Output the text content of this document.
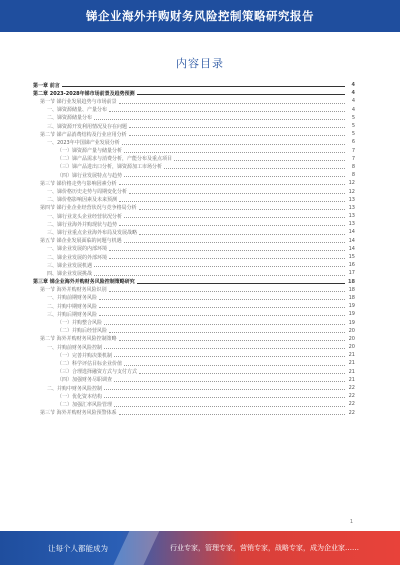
锑企业海外并购财务风险控制策略研究报告
内容目录
第一章 前言	4
第二章 2023-2028年锑市场前景及趋势预测	4
第一节 锑行业发展趋势与市场前景	4
一、锑资源储量、产量分布	4
二、锑资源储量分布	5
三、锑资源开发利用情况及存在问题	5
第二节 锑产品消费结构及行业应用分析	5
一、2023年中国锑产业发展分析	6
（一）锑资源产量与储量分析	7
（二）锑产品需求与消费分析，产能分布及重点项目	7
（三）锑产品进出口分析，锑资源加工市场分析	8
（四）锑行业发展特点与趋势	8
第三节 锑价格走势与影响因素分析	12
一、锑价格历史走势与周期变化分析	12
二、锑价格影响因素及未来预测	13
第四节 锑行业企业经营状况与竞争格局分析	13
一、锑行业龙头企业经营状况分析	13
二、锑行业海外并购现状与趋势	13
三、锑行业重点企业海外布局及发展战略	14
第五节 锑企业发展面临的问题与机遇	14
一、锑企业发展的内部环境	14
二、锑企业发展的外部环境	15
三、锑企业发展机遇	16
四、锑企业发展挑战	17
第三章 锑企业海外并购财务风险控制策略研究	18
第一节 海外并购财务风险识别	18
一、并购前期财务风险	18
二、并购中期财务风险	19
三、并购后期财务风险	19
（一）并购整合风险	19
（二）并购后经营风险	20
第二节 海外并购财务风险控制策略	20
一、并购前财务风险控制	20
（一）完善并购决策机制	21
（二）科学评估目标企业价值	21
（三）合理选择融资方式与支付方式	21
（四）加强财务尽职调查	21
二、并购中财务风险控制	22
（一）优化资本结构	22
（二）加强汇率风险管理	22
第三节 海外并购财务风险预警体系	22
1
让每个人都能成为	行业专家，管理专家，营销专家，战略专家，成为企业家……
